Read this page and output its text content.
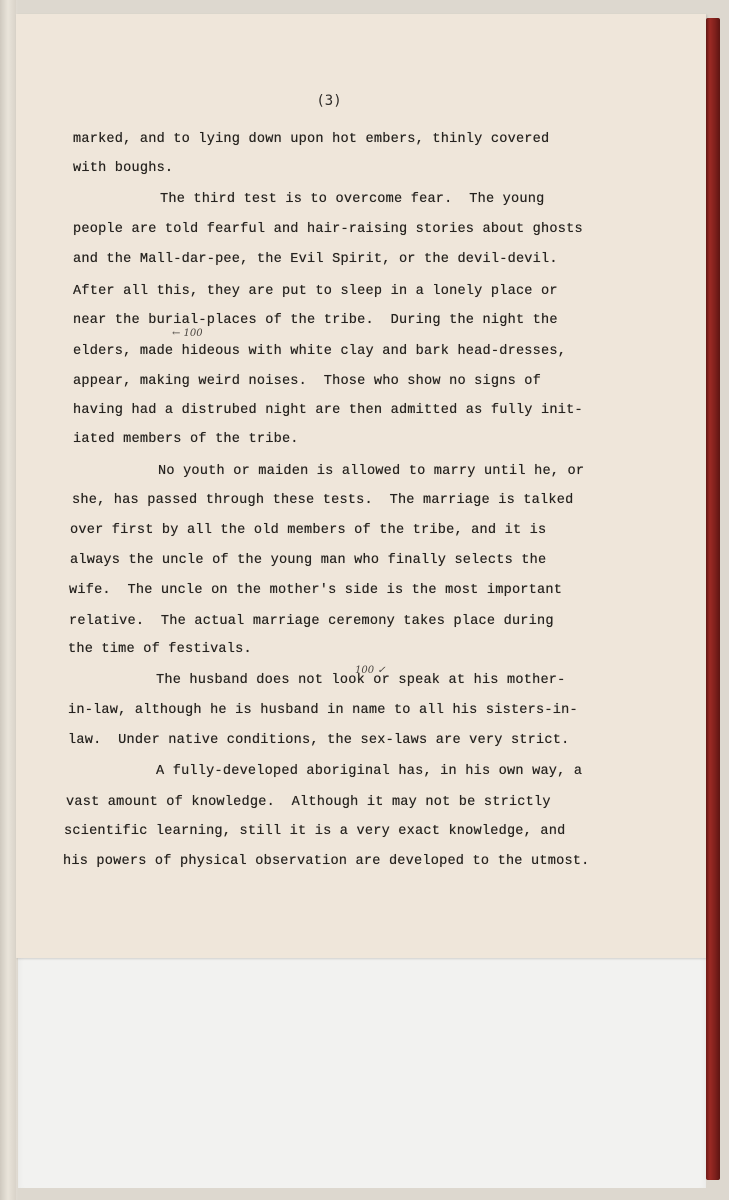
(3)
marked, and to lying down upon hot embers, thinly covered
with boughs.
The third test is to overcome fear.  The young
people are told fearful and hair-raising stories about ghosts
and the Mall-dar-pee, the Evil Spirit, or the devil-devil.
After all this, they are put to sleep in a lonely place or
near the burial-places of the tribe.  During the night the
elders, made hideous with white clay and bark head-dresses,
appear, making weird noises.  Those who show no signs of
having had a distrubed night are then admitted as fully init-
iated members of the tribe.
No youth or maiden is allowed to marry until he, or
she, has passed through these tests.  The marriage is talked
over first by all the old members of the tribe, and it is
always the uncle of the young man who finally selects the
wife.  The uncle on the mother's side is the most important
relative.  The actual marriage ceremony takes place during
the time of festivals.
The husband does not look or speak at his mother-
in-law, although he is husband in name to all his sisters-in-
law.  Under native conditions, the sex-laws are very strict.
A fully-developed aboriginal has, in his own way, a
vast amount of knowledge.  Although it may not be strictly
scientific learning, still it is a very exact knowledge, and
his powers of physical observation are developed to the utmost.
← 100
100 ✓
